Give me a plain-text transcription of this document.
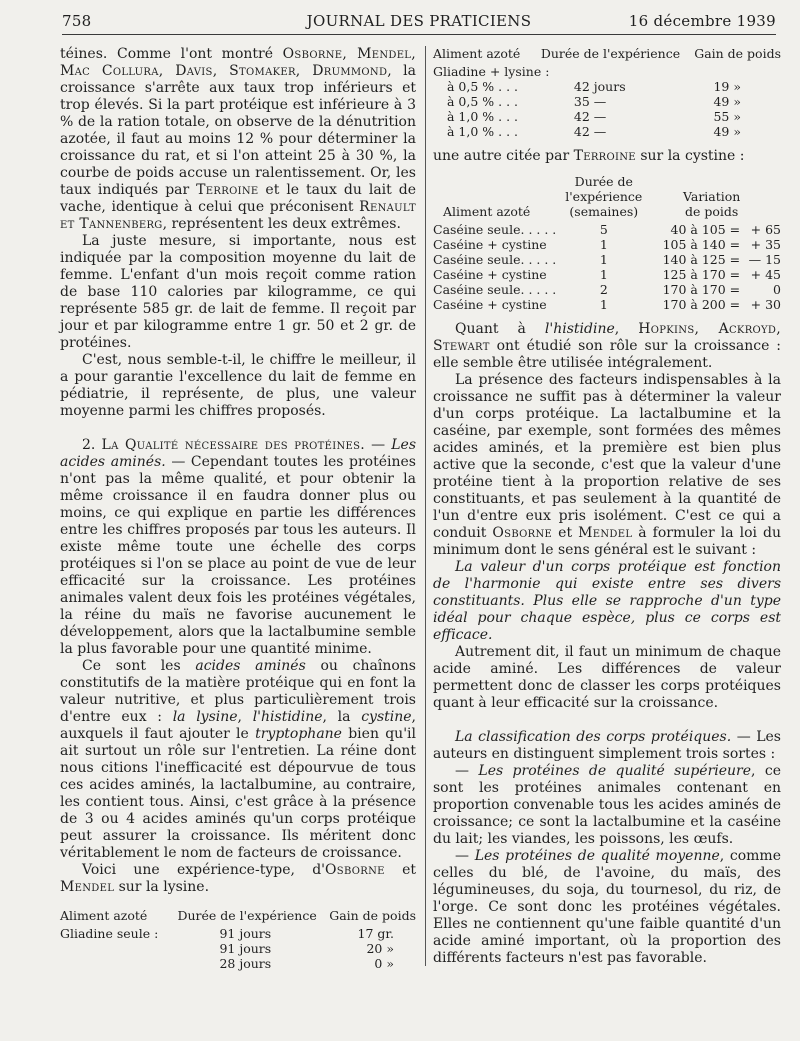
758	JOURNAL DES PRATICIENS	16 décembre 1939

téines. Comme l'ont montré Osborne, Mendel, Mac Collura, Davis, Stomaker, Drummond, la croissance s'arrête aux taux trop inférieurs et trop élevés. Si la part protéique est inférieure à 3 % de la ration totale, on observe de la dénutrition azotée, il faut au moins 12 % pour déterminer la croissance du rat, et si l'on atteint 25 à 30 %, la courbe de poids accuse un ralentissement. Or, les taux indiqués par Terroine et le taux du lait de vache, identique à celui que préconisent Renault et Tannenberg, représentent les deux extrêmes.

La juste mesure, si importante, nous est indiquée par la composition moyenne du lait de femme. L'enfant d'un mois reçoit comme ration de base 110 calories par kilogramme, ce qui représente 585 gr. de lait de femme. Il reçoit par jour et par kilogramme entre 1 gr. 50 et 2 gr. de protéines.

C'est, nous semble-t-il, le chiffre le meilleur, il a pour garantie l'excellence du lait de femme en pédiatrie, il représente, de plus, une valeur moyenne parmi les chiffres proposés.

2. La Qualité nécessaire des protéines. — Les acides aminés. — Cependant toutes les protéines n'ont pas la même qualité, et pour obtenir la même croissance il en faudra donner plus ou moins, ce qui explique en partie les différences entre les chiffres proposés par tous les auteurs. Il existe même toute une échelle des corps protéiques si l'on se place au point de vue de leur efficacité sur la croissance. Les protéines animales valent deux fois les protéines végétales, la réine du maïs ne favorise aucunement le développement, alors que la lactalbumine semble la plus favorable pour une quantité minime.

Ce sont les acides aminés ou chaînons constitutifs de la matière protéique qui en font la valeur nutritive, et plus particulièrement trois d'entre eux : la lysine, l'histidine, la cystine, auxquels il faut ajouter le tryptophane bien qu'il ait surtout un rôle sur l'entretien. La réine dont nous citions l'inefficacité est dépourvue de tous ces acides aminés, la lactalbumine, au contraire, les contient tous. Ainsi, c'est grâce à la présence de 3 ou 4 acides aminés qu'un corps protéique peut assurer la croissance. Ils méritent donc véritablement le nom de facteurs de croissance.

Voici une expérience-type, d'Osborne et Mendel sur la lysine.

Aliment azoté	Durée de l'expérience	Gain de poids
Gliadine seule :	91 jours	17 gr.
	91 jours	20 »
	28 jours	0 »
Aliment azoté	Durée de l'expérience	Gain de poids
Gliadine + lysine :		
à 0,5 % . . .	42 jours	19 »
à 0,5 % . . .	35 —	49 »
à 1,0 % . . .	42 —	55 »
à 1,0 % . . .	42 —	49 »

une autre citée par Terroine sur la cystine :

	Durée de		
	l'expérience	Variation	
Aliment azoté	(semaines)	de poids	
Caséine seule. . . . .	5	40 à 105 =	+ 65
Caséine + cystine	1	105 à 140 =	+ 35
Caséine seule. . . . .	1	140 à 125 =	— 15
Caséine + cystine	1	125 à 170 =	+ 45
Caséine seule. . . . .	2	170 à 170 =	0
Caséine + cystine	1	170 à 200 =	+ 30

Quant à l'histidine, Hopkins, Ackroyd, Stewart ont étudié son rôle sur la croissance : elle semble être utilisée intégralement.

La présence des facteurs indispensables à la croissance ne suffit pas à déterminer la valeur d'un corps protéique. La lactalbumine et la caséine, par exemple, sont formées des mêmes acides aminés, et la première est bien plus active que la seconde, c'est que la valeur d'une protéine tient à la proportion relative de ses constituants, et pas seulement à la quantité de l'un d'entre eux pris isolément. C'est ce qui a conduit Osborne et Mendel à formuler la loi du minimum dont le sens général est le suivant :

La valeur d'un corps protéique est fonction de l'harmonie qui existe entre ses divers constituants. Plus elle se rapproche d'un type idéal pour chaque espèce, plus ce corps est efficace.

Autrement dit, il faut un minimum de chaque acide aminé. Les différences de valeur permettent donc de classer les corps protéiques quant à leur efficacité sur la croissance.

La classification des corps protéiques. — Les auteurs en distinguent simplement trois sortes :

— Les protéines de qualité supérieure, ce sont les protéines animales contenant en proportion convenable tous les acides aminés de croissance; ce sont la lactalbumine et la caséine du lait; les viandes, les poissons, les œufs.

— Les protéines de qualité moyenne, comme celles du blé, de l'avoine, du maïs, des légumineuses, du soja, du tournesol, du riz, de l'orge. Ce sont donc les protéines végétales. Elles ne contiennent qu'une faible quantité d'un acide aminé important, où la proportion des différents facteurs n'est pas favorable.
